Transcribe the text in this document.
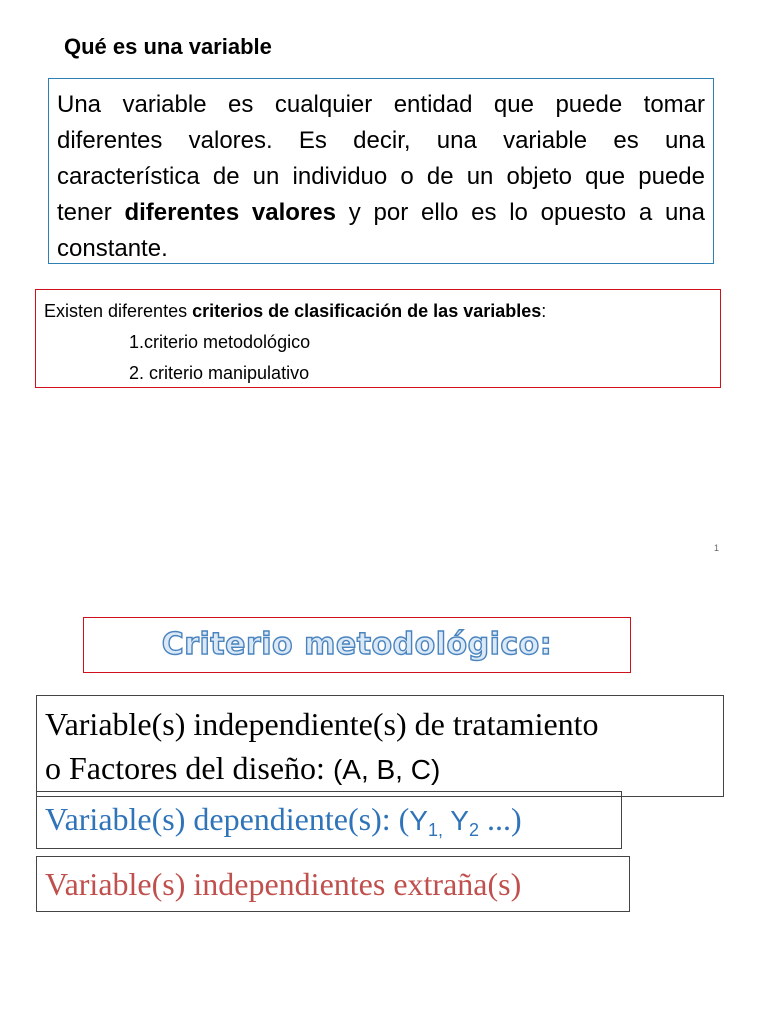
Qué es una variable
Una variable es cualquier entidad que puede tomar diferentes valores. Es decir, una variable es una característica de un individuo o de un objeto que puede tener diferentes valores y por ello es lo opuesto a una constante.
Existen diferentes criterios de clasificación de las variables:
1.criterio metodológico
2. criterio manipulativo
1
Criterio metodológico:
Variable(s) independiente(s) de tratamiento
o Factores del diseño: (A, B, C)
Variable(s) dependiente(s): ($Y_{1,}$ $Y_2$ ...)
Variable(s) independientes extraña(s)
